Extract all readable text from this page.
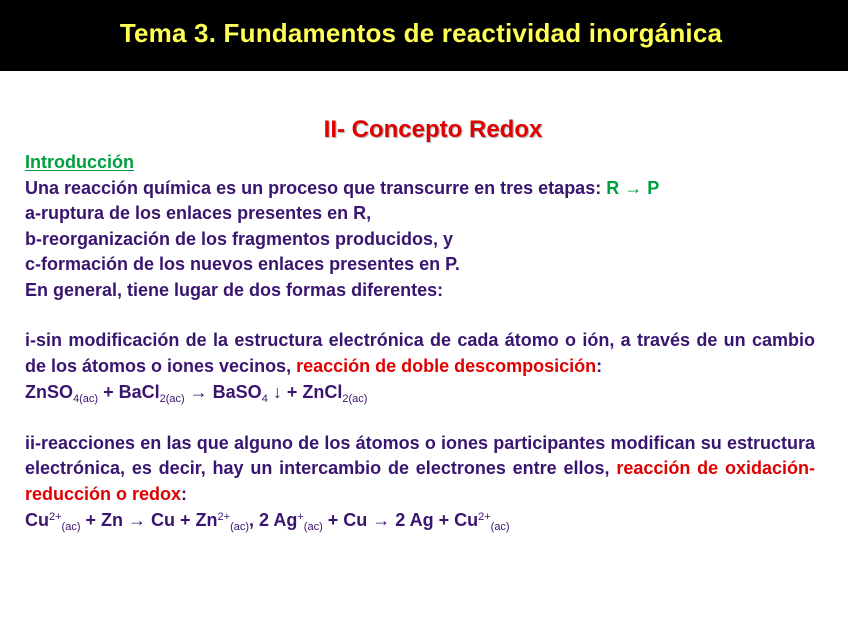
Tema 3. Fundamentos de reactividad inorgánica
II- Concepto Redox
Introducción
Una reacción química es un proceso que transcurre en tres etapas: R → P
a-ruptura de los enlaces presentes en R,
b-reorganización de los fragmentos producidos, y
c-formación de los nuevos enlaces presentes en P.
En general, tiene lugar de dos formas diferentes:
i-sin modificación de la estructura electrónica de cada átomo o ión, a través de un cambio de los átomos o iones vecinos, reacción de doble descomposición:
ZnSO$_{4(ac)}$ + BaCl$_{2(ac)}$ → BaSO$_4$ ↓ + ZnCl$_{2(ac)}$
ii-reacciones en las que alguno de los átomos o iones participantes modifican su estructura electrónica, es decir, hay un intercambio de electrones entre ellos, reacción de oxidación-reducción o redox:
$Cu^{2+}_{(ac)} + Zn \to Cu + Zn^{2+}_{(ac)}$, 2 $Ag^+_{(ac)} + Cu \to 2$ $Ag + Cu^{2+}_{(ac)}$
